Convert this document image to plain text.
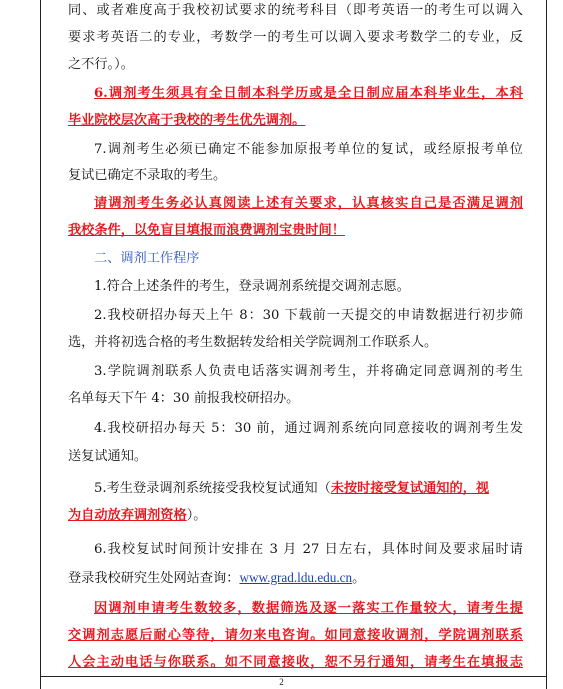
同、或者难度高于我校初试要求的统考科目（即考英语一的考生可以调入
要求考英语二的专业，考数学一的考生可以调入要求考数学二的专业，反
之不行。）。
6.调剂考生须具有全日制本科学历或是全日制应届本科毕业生，本科
毕业院校层次高于我校的考生优先调剂。
7.调剂考生必须已确定不能参加原报考单位的复试，或经原报考单位
复试已确定不录取的考生。
请调剂考生务必认真阅读上述有关要求，认真核实自己是否满足调剂
我校条件，以免盲目填报而浪费调剂宝贵时间！
二、调剂工作程序
1.符合上述条件的考生，登录调剂系统提交调剂志愿。
2.我校研招办每天上午 8：30 下载前一天提交的申请数据进行初步筛
选，并将初选合格的考生数据转发给相关学院调剂工作联系人。
3.学院调剂联系人负责电话落实调剂考生，并将确定同意调剂的考生
名单每天下午 4：30 前报我校研招办。
4.我校研招办每天 5：30 前，通过调剂系统向同意接收的调剂考生发
送复试通知。
5.考生登录调剂系统接受我校复试通知（未按时接受复试通知的，视
为自动放弃调剂资格）。
6.我校复试时间预计安排在 3 月 27 日左右，具体时间及要求届时请
登录我校研究生处网站查询：www.grad.ldu.edu.cn。
因调剂申请考生数较多，数据筛选及逐一落实工作量较大，请考生提
交调剂志愿后耐心等待，请勿来电咨询。如同意接收调剂，学院调剂联系
人会主动电话与你联系。如不同意接收，恕不另行通知，请考生在填报志
2
